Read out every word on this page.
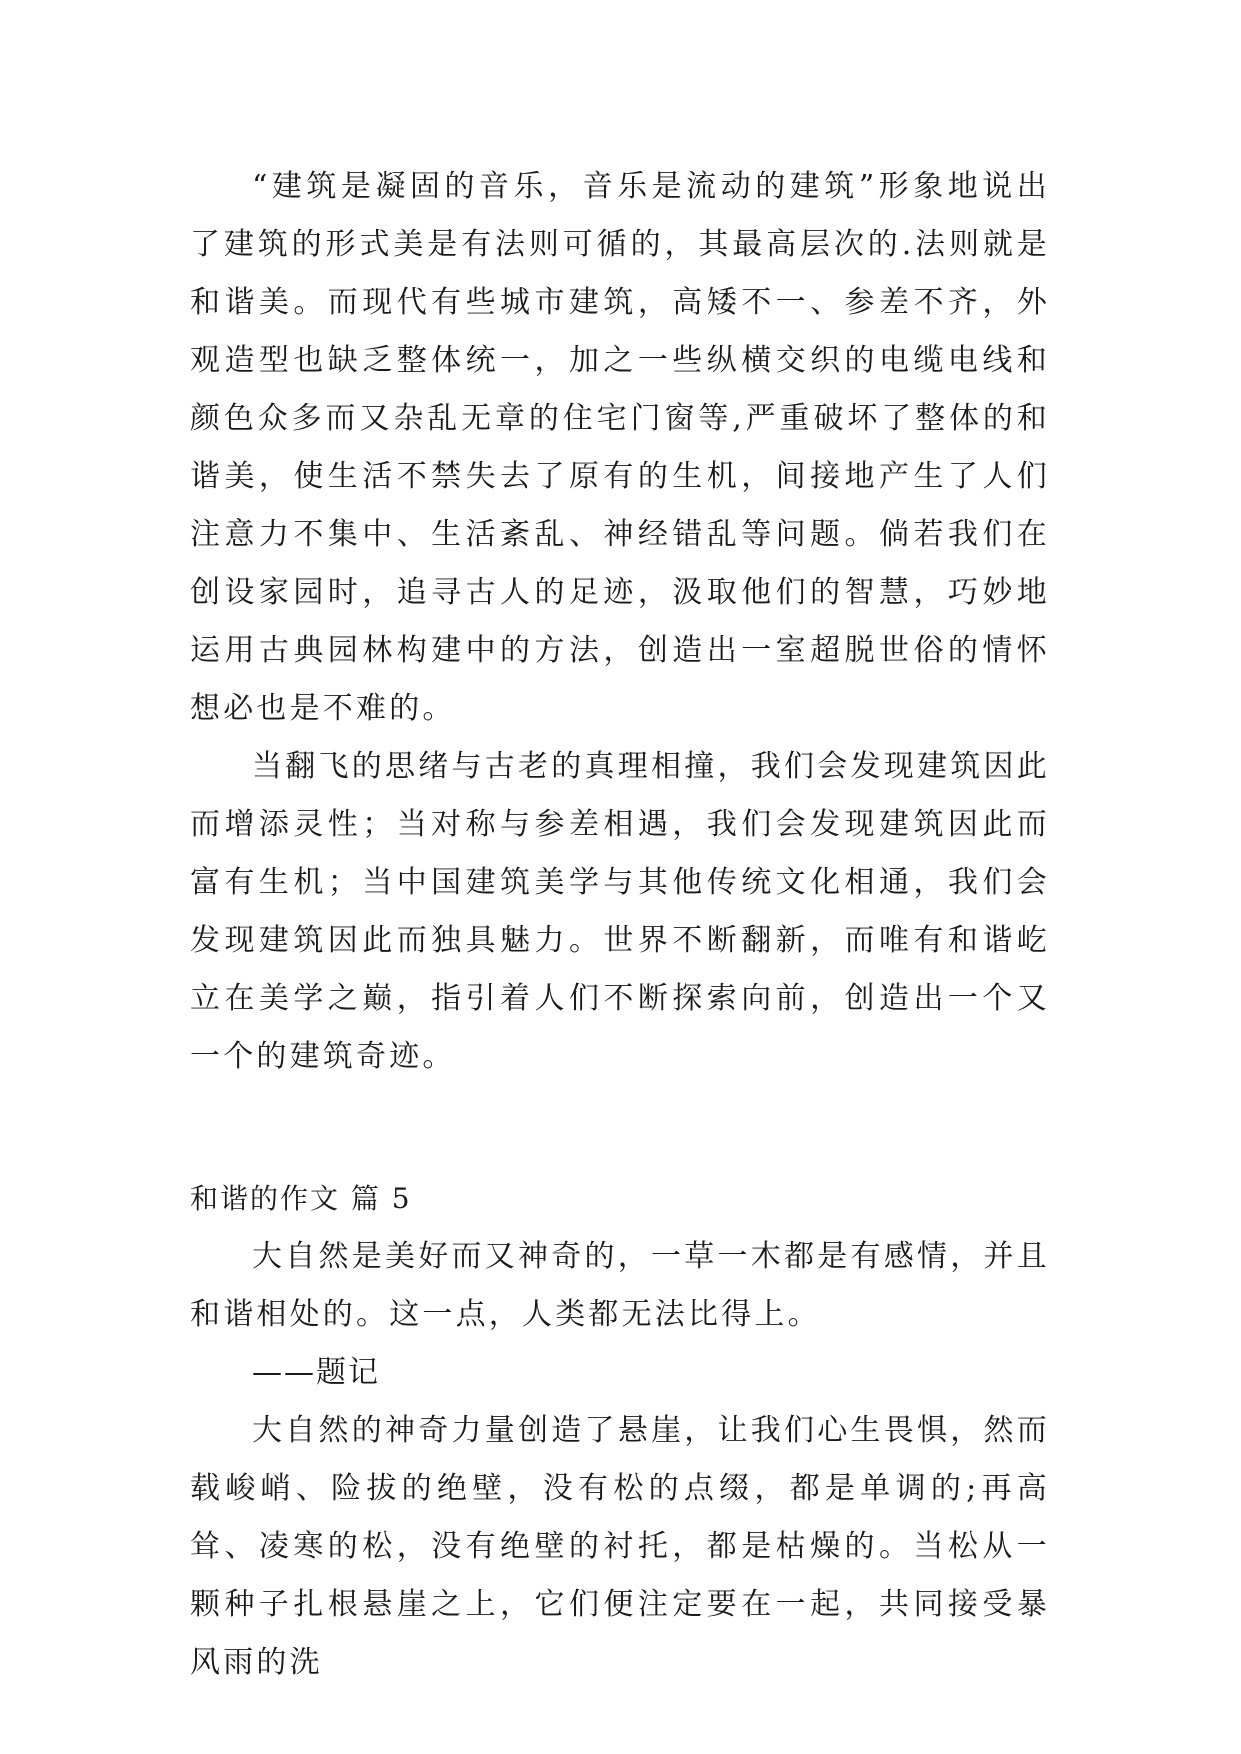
“建筑是凝固的音乐，音乐是流动的建筑”形象地说出了建筑的形式美是有法则可循的，其最高层次的.法则就是和谐美。而现代有些城市建筑，高矮不一、参差不齐，外观造型也缺乏整体统一，加之一些纵横交织的电缆电线和颜色众多而又杂乱无章的住宅门窗等,严重破坏了整体的和谐美，使生活不禁失去了原有的生机，间接地产生了人们注意力不集中、生活紊乱、神经错乱等问题。倘若我们在创设家园时，追寻古人的足迹，汲取他们的智慧，巧妙地运用古典园林构建中的方法，创造出一室超脱世俗的情怀想必也是不难的。

当翻飞的思绪与古老的真理相撞，我们会发现建筑因此而增添灵性；当对称与参差相遇，我们会发现建筑因此而富有生机；当中国建筑美学与其他传统文化相通，我们会发现建筑因此而独具魅力。世界不断翻新，而唯有和谐屹立在美学之巅，指引着人们不断探索向前，创造出一个又一个的建筑奇迹。

和谐的作文 篇 5

大自然是美好而又神奇的，一草一木都是有感情，并且和谐相处的。这一点，人类都无法比得上。

——题记

大自然的神奇力量创造了悬崖，让我们心生畏惧，然而载峻峭、险拔的绝壁，没有松的点缀，都是单调的;再高耸、凌寒的松，没有绝壁的衬托，都是枯燥的。当松从一颗种子扎根悬崖之上，它们便注定要在一起，共同接受暴风雨的洗
